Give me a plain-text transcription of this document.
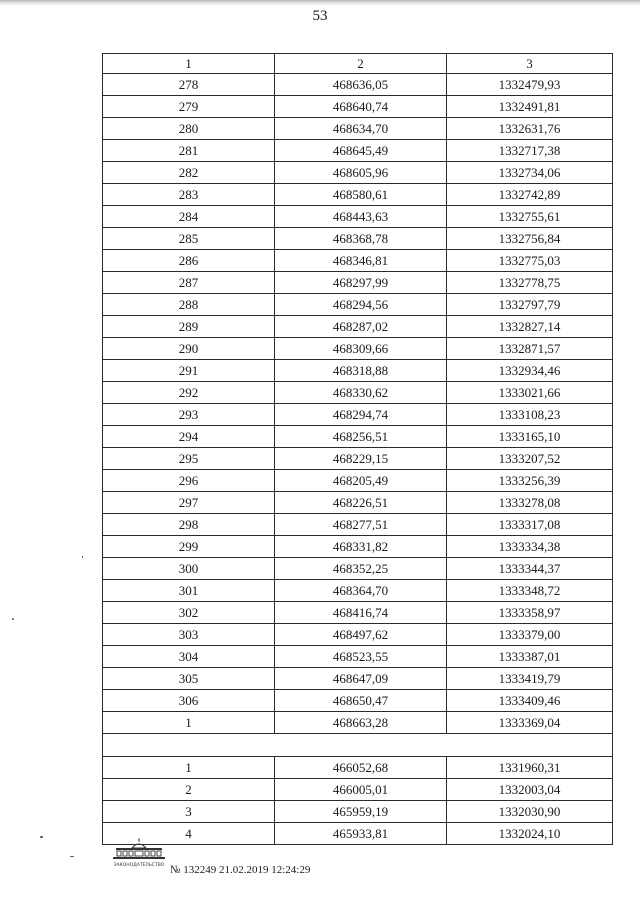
53
1	2	3
278	468636,05	1332479,93
279	468640,74	1332491,81
280	468634,70	1332631,76
281	468645,49	1332717,38
282	468605,96	1332734,06
283	468580,61	1332742,89
284	468443,63	1332755,61
285	468368,78	1332756,84
286	468346,81	1332775,03
287	468297,99	1332778,75
288	468294,56	1332797,79
289	468287,02	1332827,14
290	468309,66	1332871,57
291	468318,88	1332934,46
292	468330,62	1333021,66
293	468294,74	1333108,23
294	468256,51	1333165,10
295	468229,15	1333207,52
296	468205,49	1333256,39
297	468226,51	1333278,08
298	468277,51	1333317,08
299	468331,82	1333334,38
300	468352,25	1333344,37
301	468364,70	1333348,72
302	468416,74	1333358,97
303	468497,62	1333379,00
304	468523,55	1333387,01
305	468647,09	1333419,79
306	468650,47	1333409,46
1	468663,28	1333369,04

1	466052,68	1331960,31
2	466005,01	1332003,04
3	465959,19	1332030,90
4	465933,81	1332024,10
ЗАКОНОДАТЕЛЬСТВО № 132249 21.02.2019 12:24:29
